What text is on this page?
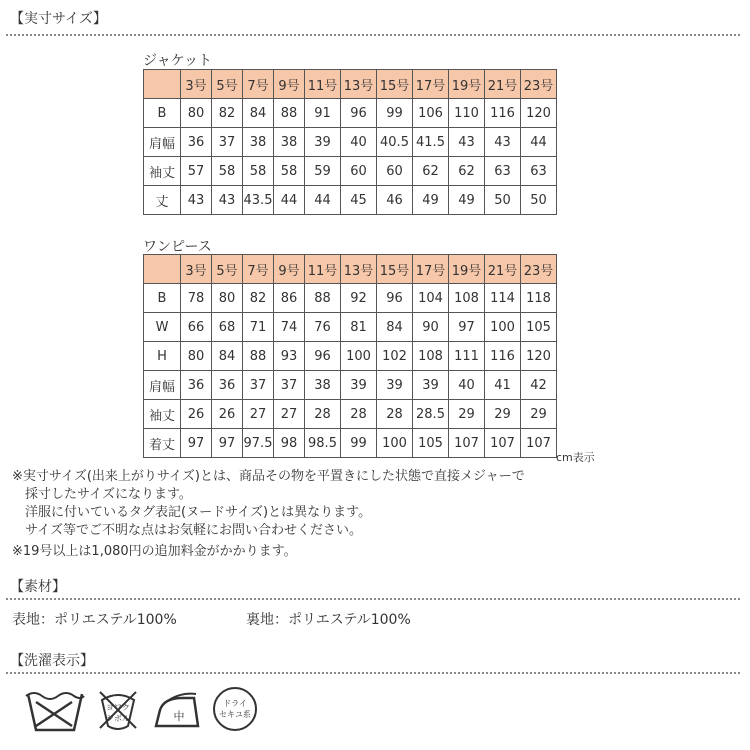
【実寸サイズ】
ジャケット
	3号	5号	7号	9号	11号	13号	15号	17号	19号	21号	23号
B	80	82	84	88	91	96	99	106	110	116	120
肩幅	36	37	38	38	39	40	40.5	41.5	43	43	44
袖丈	57	58	58	58	59	60	60	62	62	63	63
丈	43	43	43.5	44	44	45	46	49	49	50	50
ワンピース
	3号	5号	7号	9号	11号	13号	15号	17号	19号	21号	23号
B	78	80	82	86	88	92	96	104	108	114	118
W	66	68	71	74	76	81	84	90	97	100	105
H	80	84	88	93	96	100	102	108	111	116	120
肩幅	36	36	37	37	38	39	39	39	40	41	42
袖丈	26	26	27	27	28	28	28	28.5	29	29	29
着丈	97	97	97.5	98	98.5	99	100	105	107	107	107
cm表示
※実寸サイズ(出来上がりサイズ)とは、商品その物を平置きにした状態で直接メジャーで
　採寸したサイズになります。
　洋服に付いているタグ表記(ヌードサイズ)とは異なります。
　サイズ等でご不明な点はお気軽にお問い合わせください。
※19号以上は1,080円の追加料金がかかります。
【素材】
表地：ポリエステル100%	裏地：ポリエステル100%
【洗濯表示】
ヨワク
シボル	中
ドライ
セキユ系
